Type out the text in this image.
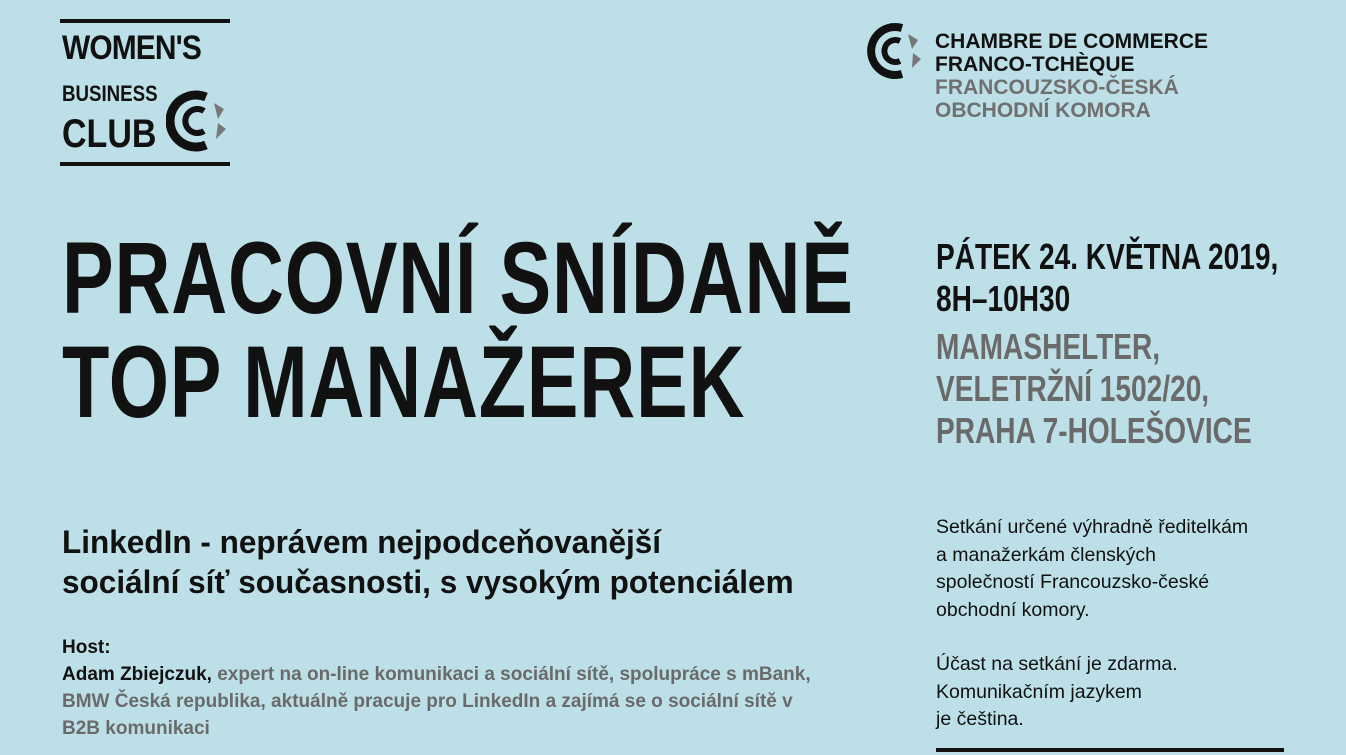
WOMEN'S
BUSINESS
CLUB
CHAMBRE DE COMMERCE
FRANCO-TCHÈQUE
FRANCOUZSKO-ČESKÁ
OBCHODNÍ KOMORA
PRACOVNÍ SNÍDANĚ
TOP MANAŽEREK
PÁTEK 24. KVĚTNA 2019,
8H–10H30
MAMASHELTER,
VELETRŽNÍ 1502/20,
PRAHA 7-HOLEŠOVICE
LinkedIn - neprávem nejpodceňovanější
sociální síť současnosti, s vysokým potenciálem
Host:
Adam Zbiejczuk, expert na on-line komunikaci a sociální sítě, spolupráce s mBank,
BMW Česká republika, aktuálně pracuje pro LinkedIn a zajímá se o sociální sítě v
B2B komunikaci
Setkání určené výhradně ředitelkám
a manažerkám členských
společností Francouzsko-české
obchodní komory.
Účast na setkání je zdarma.
Komunikačním jazykem
je čeština.
